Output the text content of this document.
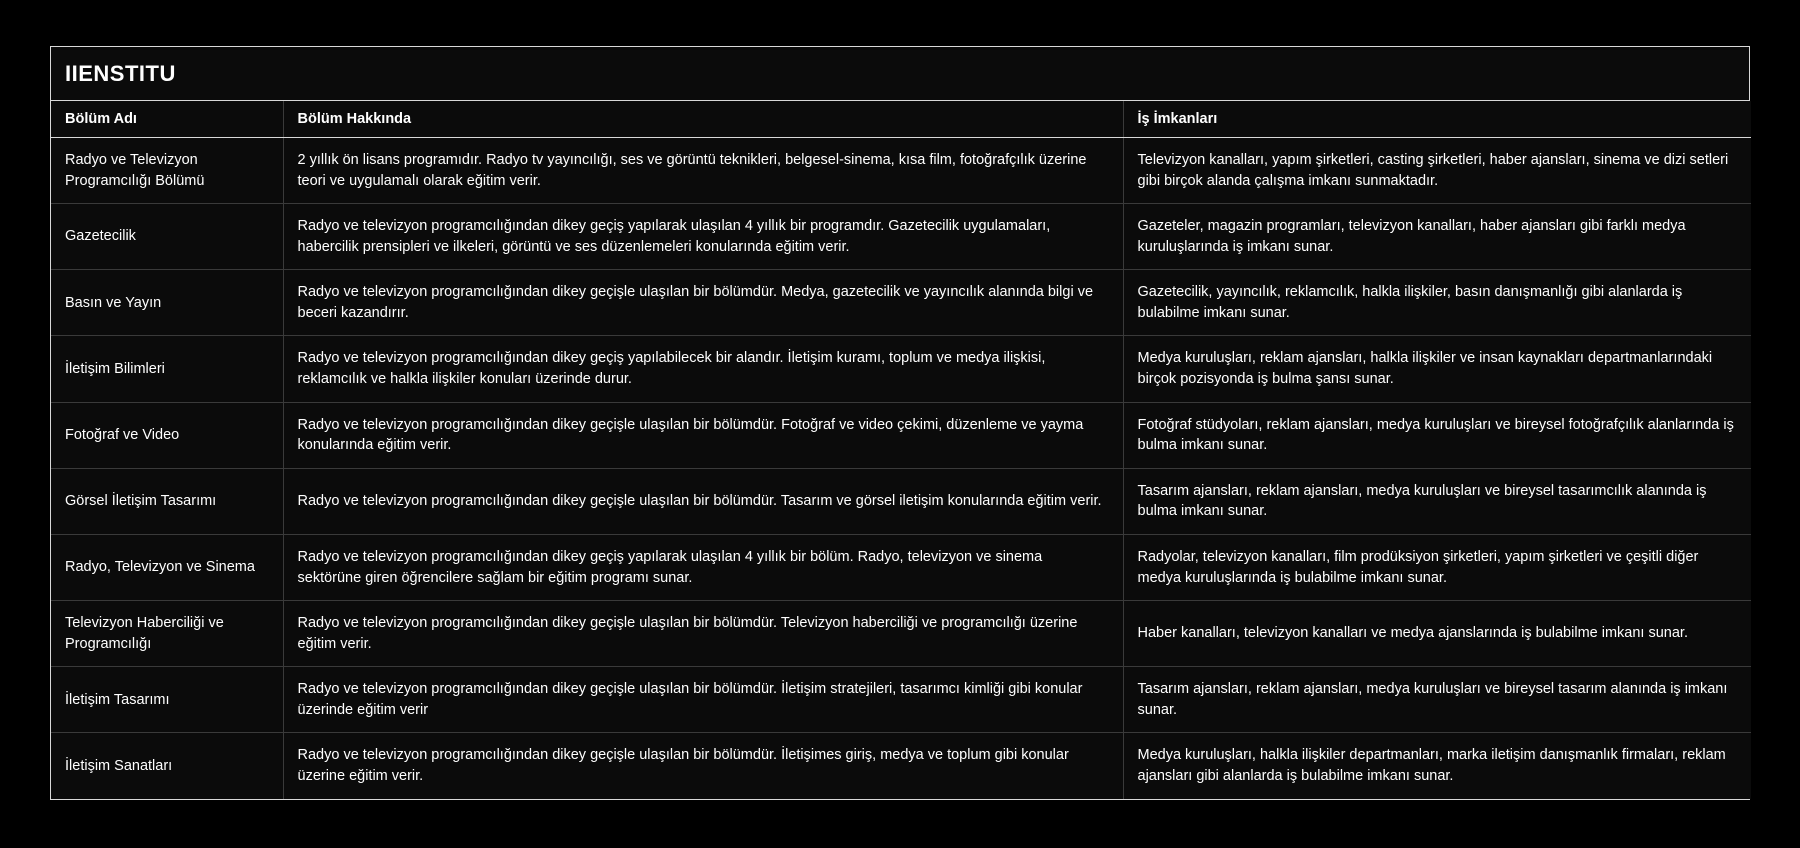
IIENSTITU
Bölüm Adı	Bölüm Hakkında	İş İmkanları
Radyo ve Televizyon Programcılığı Bölümü	2 yıllık ön lisans programıdır. Radyo tv yayıncılığı, ses ve görüntü teknikleri, belgesel-sinema, kısa film, fotoğrafçılık üzerine teori ve uygulamalı olarak eğitim verir.	Televizyon kanalları, yapım şirketleri, casting şirketleri, haber ajansları, sinema ve dizi setleri gibi birçok alanda çalışma imkanı sunmaktadır.
Gazetecilik	Radyo ve televizyon programcılığından dikey geçiş yapılarak ulaşılan 4 yıllık bir programdır. Gazetecilik uygulamaları, habercilik prensipleri ve ilkeleri, görüntü ve ses düzenlemeleri konularında eğitim verir.	Gazeteler, magazin programları, televizyon kanalları, haber ajansları gibi farklı medya kuruluşlarında iş imkanı sunar.
Basın ve Yayın	Radyo ve televizyon programcılığından dikey geçişle ulaşılan bir bölümdür. Medya, gazetecilik ve yayıncılık alanında bilgi ve beceri kazandırır.	Gazetecilik, yayıncılık, reklamcılık, halkla ilişkiler, basın danışmanlığı gibi alanlarda iş bulabilme imkanı sunar.
İletişim Bilimleri	Radyo ve televizyon programcılığından dikey geçiş yapılabilecek bir alandır. İletişim kuramı, toplum ve medya ilişkisi, reklamcılık ve halkla ilişkiler konuları üzerinde durur.	Medya kuruluşları, reklam ajansları, halkla ilişkiler ve insan kaynakları departmanlarındaki birçok pozisyonda iş bulma şansı sunar.
Fotoğraf ve Video	Radyo ve televizyon programcılığından dikey geçişle ulaşılan bir bölümdür. Fotoğraf ve video çekimi, düzenleme ve yayma konularında eğitim verir.	Fotoğraf stüdyoları, reklam ajansları, medya kuruluşları ve bireysel fotoğrafçılık alanlarında iş bulma imkanı sunar.
Görsel İletişim Tasarımı	Radyo ve televizyon programcılığından dikey geçişle ulaşılan bir bölümdür. Tasarım ve görsel iletişim konularında eğitim verir.	Tasarım ajansları, reklam ajansları, medya kuruluşları ve bireysel tasarımcılık alanında iş bulma imkanı sunar.
Radyo, Televizyon ve Sinema	Radyo ve televizyon programcılığından dikey geçiş yapılarak ulaşılan 4 yıllık bir bölüm. Radyo, televizyon ve sinema sektörüne giren öğrencilere sağlam bir eğitim programı sunar.	Radyolar, televizyon kanalları, film prodüksiyon şirketleri, yapım şirketleri ve çeşitli diğer medya kuruluşlarında iş bulabilme imkanı sunar.
Televizyon Haberciliği ve Programcılığı	Radyo ve televizyon programcılığından dikey geçişle ulaşılan bir bölümdür. Televizyon haberciliği ve programcılığı üzerine eğitim verir.	Haber kanalları, televizyon kanalları ve medya ajanslarında iş bulabilme imkanı sunar.
İletişim Tasarımı	Radyo ve televizyon programcılığından dikey geçişle ulaşılan bir bölümdür. İletişim stratejileri, tasarımcı kimliği gibi konular üzerinde eğitim verir	Tasarım ajansları, reklam ajansları, medya kuruluşları ve bireysel tasarım alanında iş imkanı sunar.
İletişim Sanatları	Radyo ve televizyon programcılığından dikey geçişle ulaşılan bir bölümdür. İletişimes giriş, medya ve toplum gibi konular üzerine eğitim verir.	Medya kuruluşları, halkla ilişkiler departmanları, marka iletişim danışmanlık firmaları, reklam ajansları gibi alanlarda iş bulabilme imkanı sunar.
